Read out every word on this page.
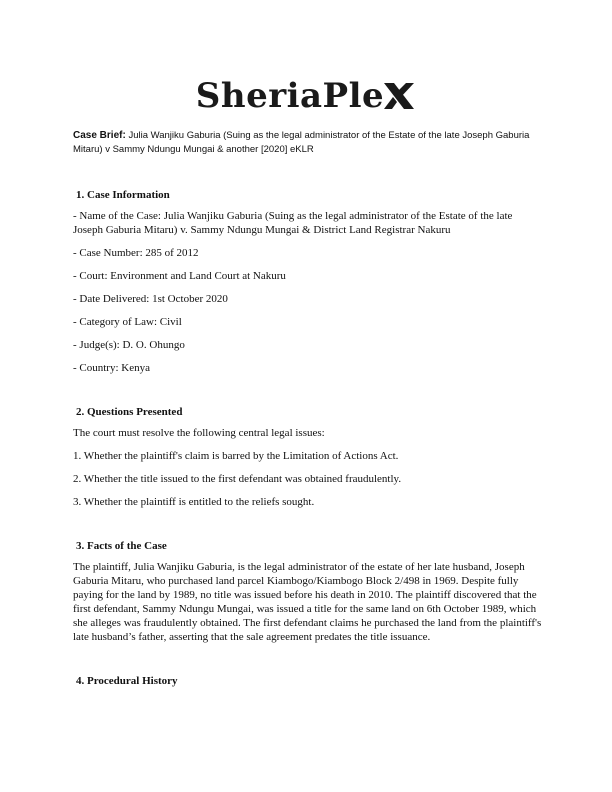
SheriaPle
Case Brief: Julia Wanjiku Gaburia (Suing as the legal administrator of the Estate of the late Joseph Gaburia Mitaru) v Sammy Ndungu Mungai & another [2020] eKLR
1. Case Information
- Name of the Case: Julia Wanjiku Gaburia (Suing as the legal administrator of the Estate of the late Joseph Gaburia Mitaru) v. Sammy Ndungu Mungai & District Land Registrar Nakuru
- Case Number: 285 of 2012
- Court: Environment and Land Court at Nakuru
- Date Delivered: 1st October 2020
- Category of Law: Civil
- Judge(s): D. O. Ohungo
- Country: Kenya
2. Questions Presented
The court must resolve the following central legal issues:
1. Whether the plaintiff's claim is barred by the Limitation of Actions Act.
2. Whether the title issued to the first defendant was obtained fraudulently.
3. Whether the plaintiff is entitled to the reliefs sought.
3. Facts of the Case
The plaintiff, Julia Wanjiku Gaburia, is the legal administrator of the estate of her late husband, Joseph Gaburia Mitaru, who purchased land parcel Kiambogo/Kiambogo Block 2/498 in 1969. Despite fully paying for the land by 1989, no title was issued before his death in 2010. The plaintiff discovered that the first defendant, Sammy Ndungu Mungai, was issued a title for the same land on 6th October 1989, which she alleges was fraudulently obtained. The first defendant claims he purchased the land from the plaintiff's late husband’s father, asserting that the sale agreement predates the title issuance.
4. Procedural History
